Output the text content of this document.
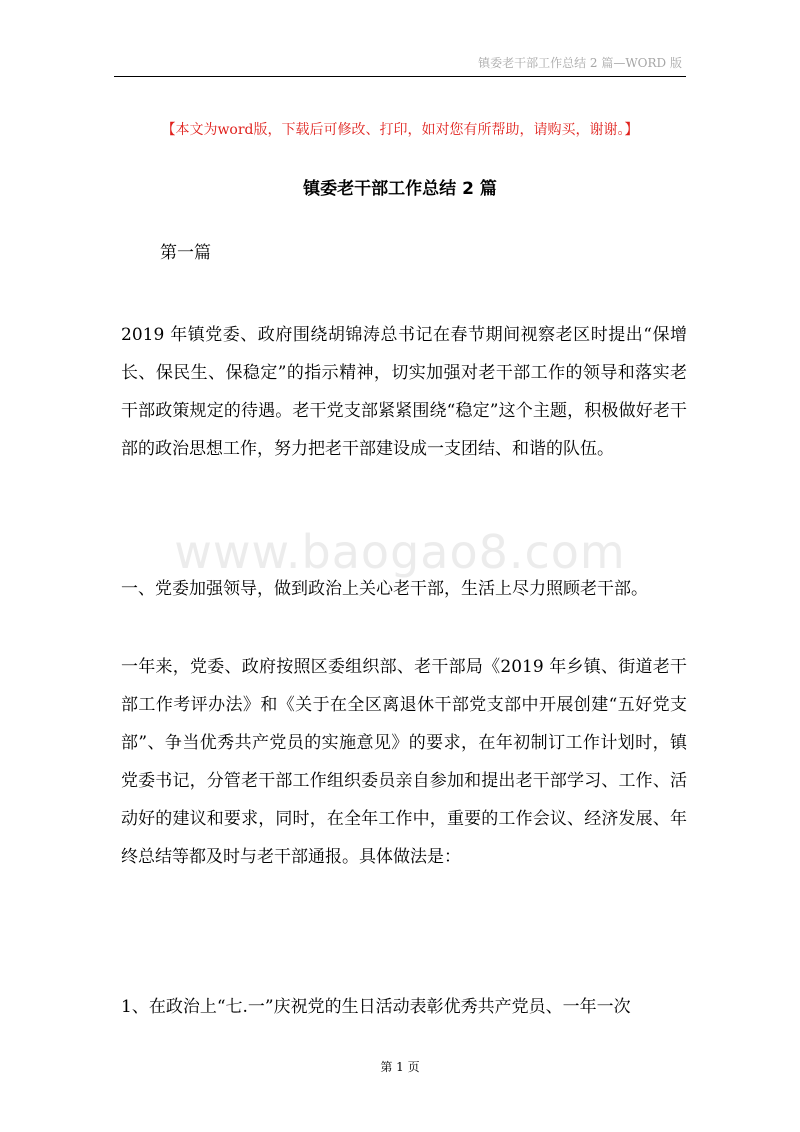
镇委老干部工作总结 2 篇—WORD 版
【本文为word版，下载后可修改、打印，如对您有所帮助，请购买，谢谢。】
镇委老干部工作总结 2 篇
第一篇
2019 年镇党委、政府围绕胡锦涛总书记在春节期间视察老区时提出“保增长、保民生、保稳定”的指示精神，切实加强对老干部工作的领导和落实老干部政策规定的待遇。老干党支部紧紧围绕“稳定”这个主题，积极做好老干部的政治思想工作，努力把老干部建设成一支团结、和谐的队伍。
www.baogao8.com
一、党委加强领导，做到政治上关心老干部，生活上尽力照顾老干部。
一年来，党委、政府按照区委组织部、老干部局《2019 年乡镇、街道老干部工作考评办法》和《关于在全区离退休干部党支部中开展创建“五好党支部”、争当优秀共产党员的实施意见》的要求，在年初制订工作计划时，镇党委书记，分管老干部工作组织委员亲自参加和提出老干部学习、工作、活动好的建议和要求，同时，在全年工作中，重要的工作会议、经济发展、年终总结等都及时与老干部通报。具体做法是：
1、在政治上“七.一”庆祝党的生日活动表彰优秀共产党员、一年一次
第 1 页
